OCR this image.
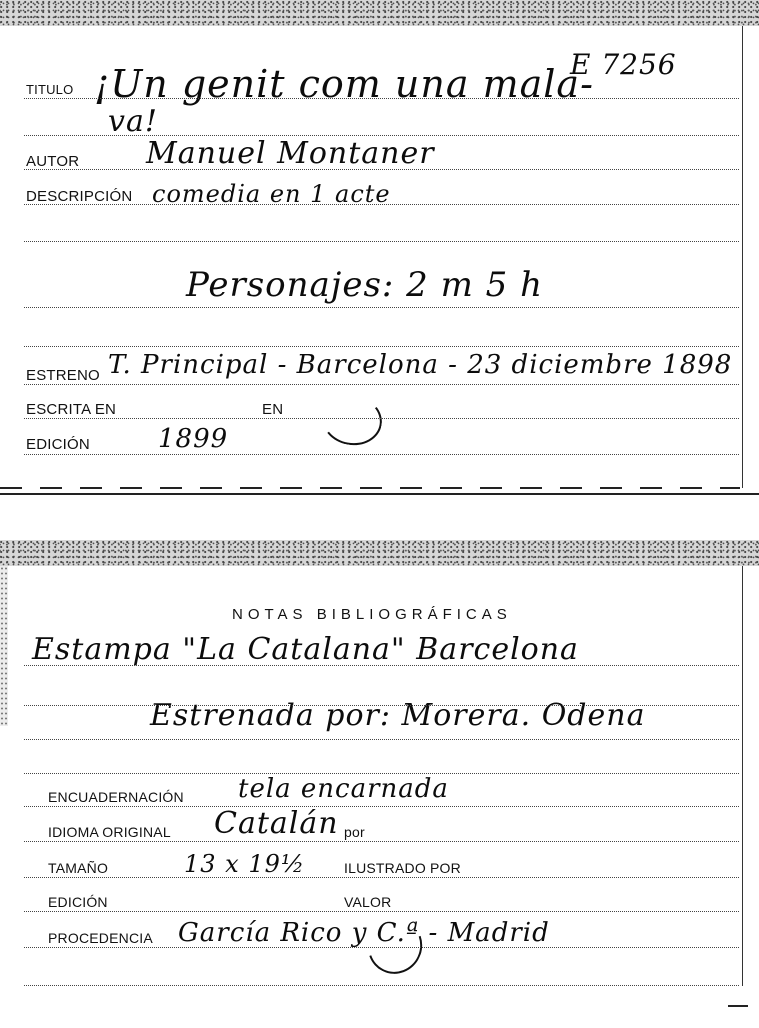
E 7256
TITULO ¡Un genit com una mala-
va!
AUTOR Manuel Montaner
DESCRIPCIÓN comedia en 1 acte
Personajes: 2 m 5 h
ESTRENO T. Principal - Barcelona - 23 diciembre 1898
ESCRITA EN	EN
EDICIÓN	1899
NOTAS BIBLIOGRÁFICAS
Estampa "La Catalana" Barcelona
Estrenada por: Morera. Odena
ENCUADERNACIÓN tela encarnada
IDIOMA ORIGINAL Catalán por
TAMAÑO	13 x 19½	ILUSTRADO POR
EDICIÓN	VALOR
PROCEDENCIA García Rico y C.ª - Madrid
